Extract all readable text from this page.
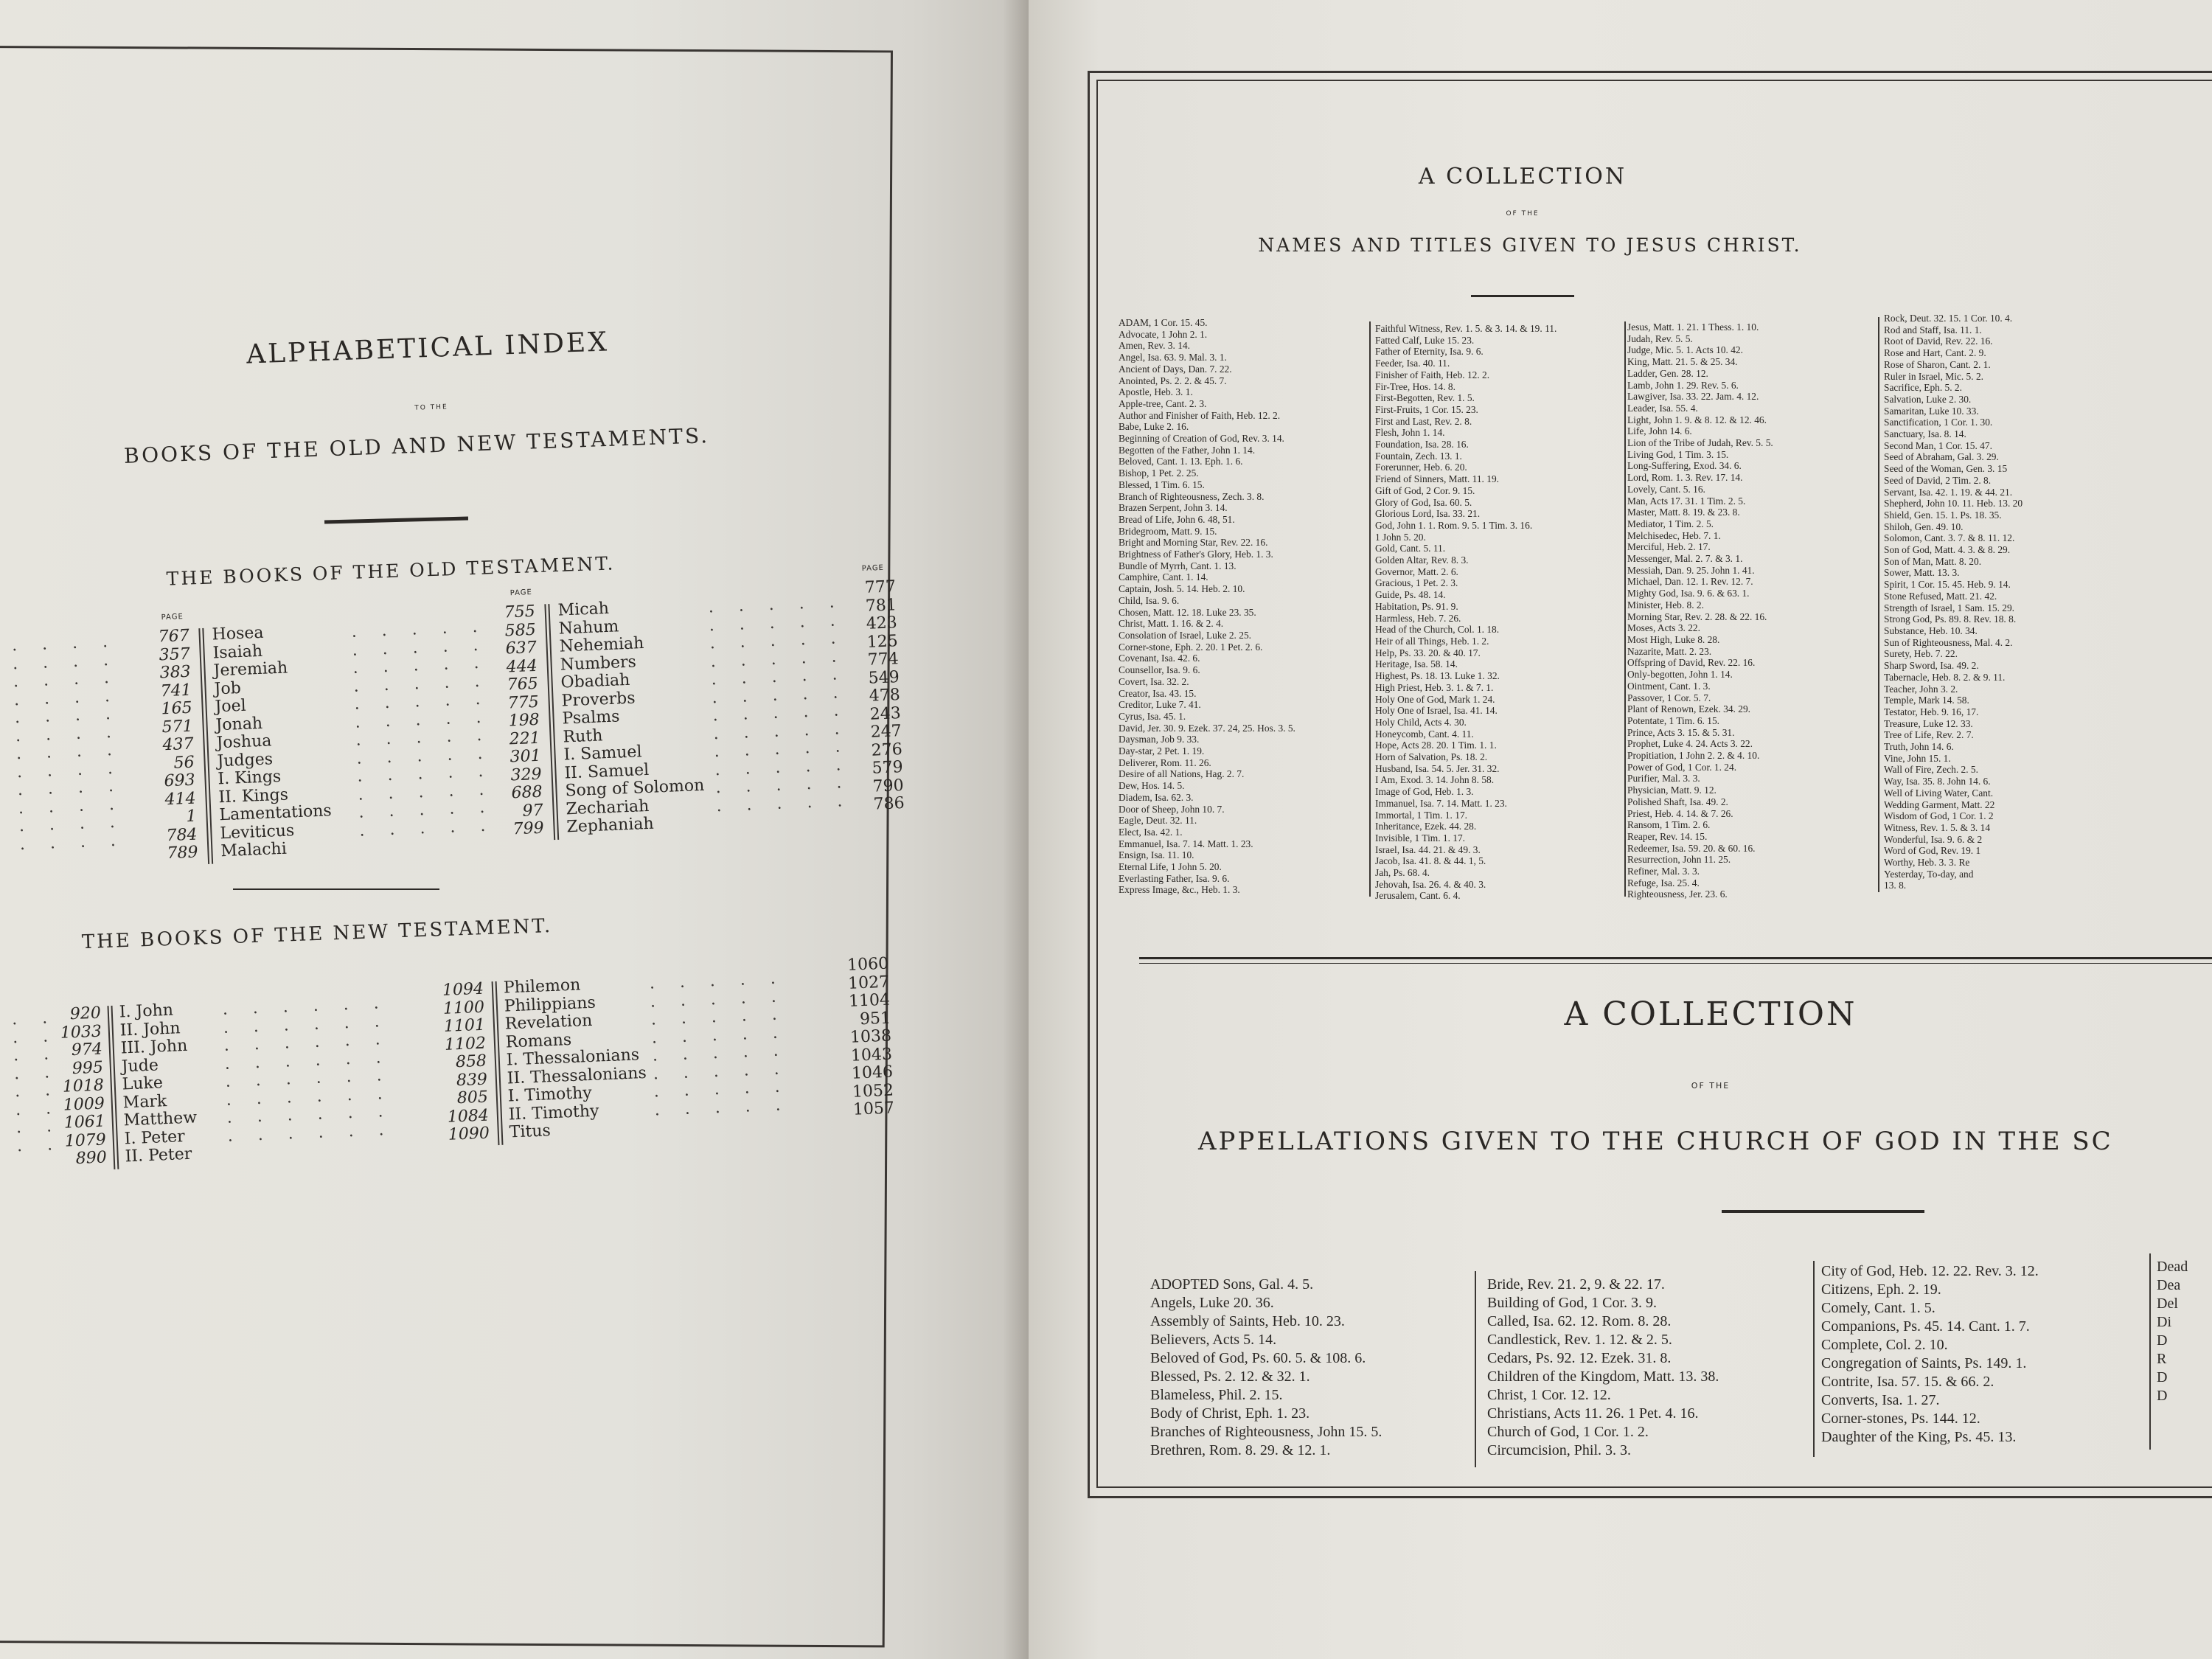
ALPHABETICAL INDEX
TO THE
BOOKS OF THE OLD AND NEW TESTAMENTS.
THE BOOKS OF THE OLD TESTAMENT.
PAGE
PAGE
PAGE
....
....
....
....
....
....
....
....
....
....
....
....
767
357
383
741
165
571
437
56
693
414
1
784
789
Hosea
Isaiah
Jeremiah
Job
Joel
Jonah
Joshua
Judges
I. Kings
II. Kings
Lamentations
Leviticus
Malachi
.....
.....
.....
.....
.....
.....
.....
.....
.....
.....
.....
.....
755
585
637
444
765
775
198
221
301
329
688
97
799
Micah
Nahum
Nehemiah
Numbers
Obadiah
Proverbs
Psalms
Ruth
I. Samuel
II. Samuel
Song of Solomon
Zechariah
Zephaniah
.....
.....
.....
.....
.....
.....
.....
.....
.....
.....
.....
.....
777
781
423
125
774
549
478
243
247
276
579
790
786
THE BOOKS OF THE NEW TESTAMENT.
..
..
..
..
..
..
..
..
920
1033
974
995
1018
1009
1061
1079
890
I. John
II. John
III. John
Jude
Luke
Mark
Matthew
I. Peter
II. Peter
......
......
......
......
......
......
......
......
1094
1100
1101
1102
858
839
805
1084
1090
Philemon
Philippians
Revelation
Romans
I. Thessalonians
II. Thessalonians
I. Timothy
II. Timothy
Titus
.....
.....
.....
.....
.....
.....
.....
.....
1060
1027
1104
951
1038
1043
1046
1052
1057
A COLLECTION
OF THE
NAMES AND TITLES GIVEN TO JESUS CHRIST.
ADAM, 1 Cor. 15. 45.
Advocate, 1 John 2. 1.
Amen, Rev. 3. 14.
Angel, Isa. 63. 9. Mal. 3. 1.
Ancient of Days, Dan. 7. 22.
Anointed, Ps. 2. 2. & 45. 7.
Apostle, Heb. 3. 1.
Apple-tree, Cant. 2. 3.
Author and Finisher of Faith, Heb. 12. 2.
Babe, Luke 2. 16.
Beginning of Creation of God, Rev. 3. 14.
Begotten of the Father, John 1. 14.
Beloved, Cant. 1. 13. Eph. 1. 6.
Bishop, 1 Pet. 2. 25.
Blessed, 1 Tim. 6. 15.
Branch of Righteousness, Zech. 3. 8.
Brazen Serpent, John 3. 14.
Bread of Life, John 6. 48, 51.
Bridegroom, Matt. 9. 15.
Bright and Morning Star, Rev. 22. 16.
Brightness of Father's Glory, Heb. 1. 3.
Bundle of Myrrh, Cant. 1. 13.
Camphire, Cant. 1. 14.
Captain, Josh. 5. 14. Heb. 2. 10.
Child, Isa. 9. 6.
Chosen, Matt. 12. 18. Luke 23. 35.
Christ, Matt. 1. 16. & 2. 4.
Consolation of Israel, Luke 2. 25.
Corner-stone, Eph. 2. 20. 1 Pet. 2. 6.
Covenant, Isa. 42. 6.
Counsellor, Isa. 9. 6.
Covert, Isa. 32. 2.
Creator, Isa. 43. 15.
Creditor, Luke 7. 41.
Cyrus, Isa. 45. 1.
David, Jer. 30. 9. Ezek. 37. 24, 25. Hos. 3. 5.
Daysman, Job 9. 33.
Day-star, 2 Pet. 1. 19.
Deliverer, Rom. 11. 26.
Desire of all Nations, Hag. 2. 7.
Dew, Hos. 14. 5.
Diadem, Isa. 62. 3.
Door of Sheep, John 10. 7.
Eagle, Deut. 32. 11.
Elect, Isa. 42. 1.
Emmanuel, Isa. 7. 14. Matt. 1. 23.
Ensign, Isa. 11. 10.
Eternal Life, 1 John 5. 20.
Everlasting Father, Isa. 9. 6.
Express Image, &c., Heb. 1. 3.
Faithful Witness, Rev. 1. 5. & 3. 14. & 19. 11.
Fatted Calf, Luke 15. 23.
Father of Eternity, Isa. 9. 6.
Feeder, Isa. 40. 11.
Finisher of Faith, Heb. 12. 2.
Fir-Tree, Hos. 14. 8.
First-Begotten, Rev. 1. 5.
First-Fruits, 1 Cor. 15. 23.
First and Last, Rev. 2. 8.
Flesh, John 1. 14.
Foundation, Isa. 28. 16.
Fountain, Zech. 13. 1.
Forerunner, Heb. 6. 20.
Friend of Sinners, Matt. 11. 19.
Gift of God, 2 Cor. 9. 15.
Glory of God, Isa. 60. 5.
Glorious Lord, Isa. 33. 21.
God, John 1. 1. Rom. 9. 5. 1 Tim. 3. 16.
1 John 5. 20.
Gold, Cant. 5. 11.
Golden Altar, Rev. 8. 3.
Governor, Matt. 2. 6.
Gracious, 1 Pet. 2. 3.
Guide, Ps. 48. 14.
Habitation, Ps. 91. 9.
Harmless, Heb. 7. 26.
Head of the Church, Col. 1. 18.
Heir of all Things, Heb. 1. 2.
Help, Ps. 33. 20. & 40. 17.
Heritage, Isa. 58. 14.
Highest, Ps. 18. 13. Luke 1. 32.
High Priest, Heb. 3. 1. & 7. 1.
Holy One of God, Mark 1. 24.
Holy One of Israel, Isa. 41. 14.
Holy Child, Acts 4. 30.
Honeycomb, Cant. 4. 11.
Hope, Acts 28. 20. 1 Tim. 1. 1.
Horn of Salvation, Ps. 18. 2.
Husband, Isa. 54. 5. Jer. 31. 32.
I Am, Exod. 3. 14. John 8. 58.
Image of God, Heb. 1. 3.
Immanuel, Isa. 7. 14. Matt. 1. 23.
Immortal, 1 Tim. 1. 17.
Inheritance, Ezek. 44. 28.
Invisible, 1 Tim. 1. 17.
Israel, Isa. 44. 21. & 49. 3.
Jacob, Isa. 41. 8. & 44. 1, 5.
Jah, Ps. 68. 4.
Jehovah, Isa. 26. 4. & 40. 3.
Jerusalem, Cant. 6. 4.
Jesus, Matt. 1. 21. 1 Thess. 1. 10.
Judah, Rev. 5. 5.
Judge, Mic. 5. 1. Acts 10. 42.
King, Matt. 21. 5. & 25. 34.
Ladder, Gen. 28. 12.
Lamb, John 1. 29. Rev. 5. 6.
Lawgiver, Isa. 33. 22. Jam. 4. 12.
Leader, Isa. 55. 4.
Light, John 1. 9. & 8. 12. & 12. 46.
Life, John 14. 6.
Lion of the Tribe of Judah, Rev. 5. 5.
Living God, 1 Tim. 3. 15.
Long-Suffering, Exod. 34. 6.
Lord, Rom. 1. 3. Rev. 17. 14.
Lovely, Cant. 5. 16.
Man, Acts 17. 31. 1 Tim. 2. 5.
Master, Matt. 8. 19. & 23. 8.
Mediator, 1 Tim. 2. 5.
Melchisedec, Heb. 7. 1.
Merciful, Heb. 2. 17.
Messenger, Mal. 2. 7. & 3. 1.
Messiah, Dan. 9. 25. John 1. 41.
Michael, Dan. 12. 1. Rev. 12. 7.
Mighty God, Isa. 9. 6. & 63. 1.
Minister, Heb. 8. 2.
Morning Star, Rev. 2. 28. & 22. 16.
Moses, Acts 3. 22.
Most High, Luke 8. 28.
Nazarite, Matt. 2. 23.
Offspring of David, Rev. 22. 16.
Only-begotten, John 1. 14.
Ointment, Cant. 1. 3.
Passover, 1 Cor. 5. 7.
Plant of Renown, Ezek. 34. 29.
Potentate, 1 Tim. 6. 15.
Prince, Acts 3. 15. & 5. 31.
Prophet, Luke 4. 24. Acts 3. 22.
Propitiation, 1 John 2. 2. & 4. 10.
Power of God, 1 Cor. 1. 24.
Purifier, Mal. 3. 3.
Physician, Matt. 9. 12.
Polished Shaft, Isa. 49. 2.
Priest, Heb. 4. 14. & 7. 26.
Ransom, 1 Tim. 2. 6.
Reaper, Rev. 14. 15.
Redeemer, Isa. 59. 20. & 60. 16.
Resurrection, John 11. 25.
Refiner, Mal. 3. 3.
Refuge, Isa. 25. 4.
Righteousness, Jer. 23. 6.
Rock, Deut. 32. 15. 1 Cor. 10. 4.
Rod and Staff, Isa. 11. 1.
Root of David, Rev. 22. 16.
Rose and Hart, Cant. 2. 9.
Rose of Sharon, Cant. 2. 1.
Ruler in Israel, Mic. 5. 2.
Sacrifice, Eph. 5. 2.
Salvation, Luke 2. 30.
Samaritan, Luke 10. 33.
Sanctification, 1 Cor. 1. 30.
Sanctuary, Isa. 8. 14.
Second Man, 1 Cor. 15. 47.
Seed of Abraham, Gal. 3. 29.
Seed of the Woman, Gen. 3. 15
Seed of David, 2 Tim. 2. 8.
Servant, Isa. 42. 1. 19. & 44. 21.
Shepherd, John 10. 11. Heb. 13. 20
Shield, Gen. 15. 1. Ps. 18. 35.
Shiloh, Gen. 49. 10.
Solomon, Cant. 3. 7. & 8. 11. 12.
Son of God, Matt. 4. 3. & 8. 29.
Son of Man, Matt. 8. 20.
Sower, Matt. 13. 3.
Spirit, 1 Cor. 15. 45. Heb. 9. 14.
Stone Refused, Matt. 21. 42.
Strength of Israel, 1 Sam. 15. 29.
Strong God, Ps. 89. 8. Rev. 18. 8.
Substance, Heb. 10. 34.
Sun of Righteousness, Mal. 4. 2.
Surety, Heb. 7. 22.
Sharp Sword, Isa. 49. 2.
Tabernacle, Heb. 8. 2. & 9. 11.
Teacher, John 3. 2.
Temple, Mark 14. 58.
Testator, Heb. 9. 16, 17.
Treasure, Luke 12. 33.
Tree of Life, Rev. 2. 7.
Truth, John 14. 6.
Vine, John 15. 1.
Wall of Fire, Zech. 2. 5.
Way, Isa. 35. 8. John 14. 6.
Well of Living Water, Cant.
Wedding Garment, Matt. 22
Wisdom of God, 1 Cor. 1. 2
Witness, Rev. 1. 5. & 3. 14
Wonderful, Isa. 9. 6. & 2
Word of God, Rev. 19. 1
Worthy, Heb. 3. 3. Re
Yesterday, To-day, and
13. 8.
A COLLECTION
OF THE
APPELLATIONS GIVEN TO THE CHURCH OF GOD IN THE SC
ADOPTED Sons, Gal. 4. 5.
Angels, Luke 20. 36.
Assembly of Saints, Heb. 10. 23.
Believers, Acts 5. 14.
Beloved of God, Ps. 60. 5. & 108. 6.
Blessed, Ps. 2. 12. & 32. 1.
Blameless, Phil. 2. 15.
Body of Christ, Eph. 1. 23.
Branches of Righteousness, John 15. 5.
Brethren, Rom. 8. 29. & 12. 1.
Bride, Rev. 21. 2, 9. & 22. 17.
Building of God, 1 Cor. 3. 9.
Called, Isa. 62. 12. Rom. 8. 28.
Candlestick, Rev. 1. 12. & 2. 5.
Cedars, Ps. 92. 12. Ezek. 31. 8.
Children of the Kingdom, Matt. 13. 38.
Christ, 1 Cor. 12. 12.
Christians, Acts 11. 26. 1 Pet. 4. 16.
Church of God, 1 Cor. 1. 2.
Circumcision, Phil. 3. 3.
City of God, Heb. 12. 22. Rev. 3. 12.
Citizens, Eph. 2. 19.
Comely, Cant. 1. 5.
Companions, Ps. 45. 14. Cant. 1. 7.
Complete, Col. 2. 10.
Congregation of Saints, Ps. 149. 1.
Contrite, Isa. 57. 15. & 66. 2.
Converts, Isa. 1. 27.
Corner-stones, Ps. 144. 12.
Daughter of the King, Ps. 45. 13.
Dead
Dea
Del
Di
D
R
D
D
